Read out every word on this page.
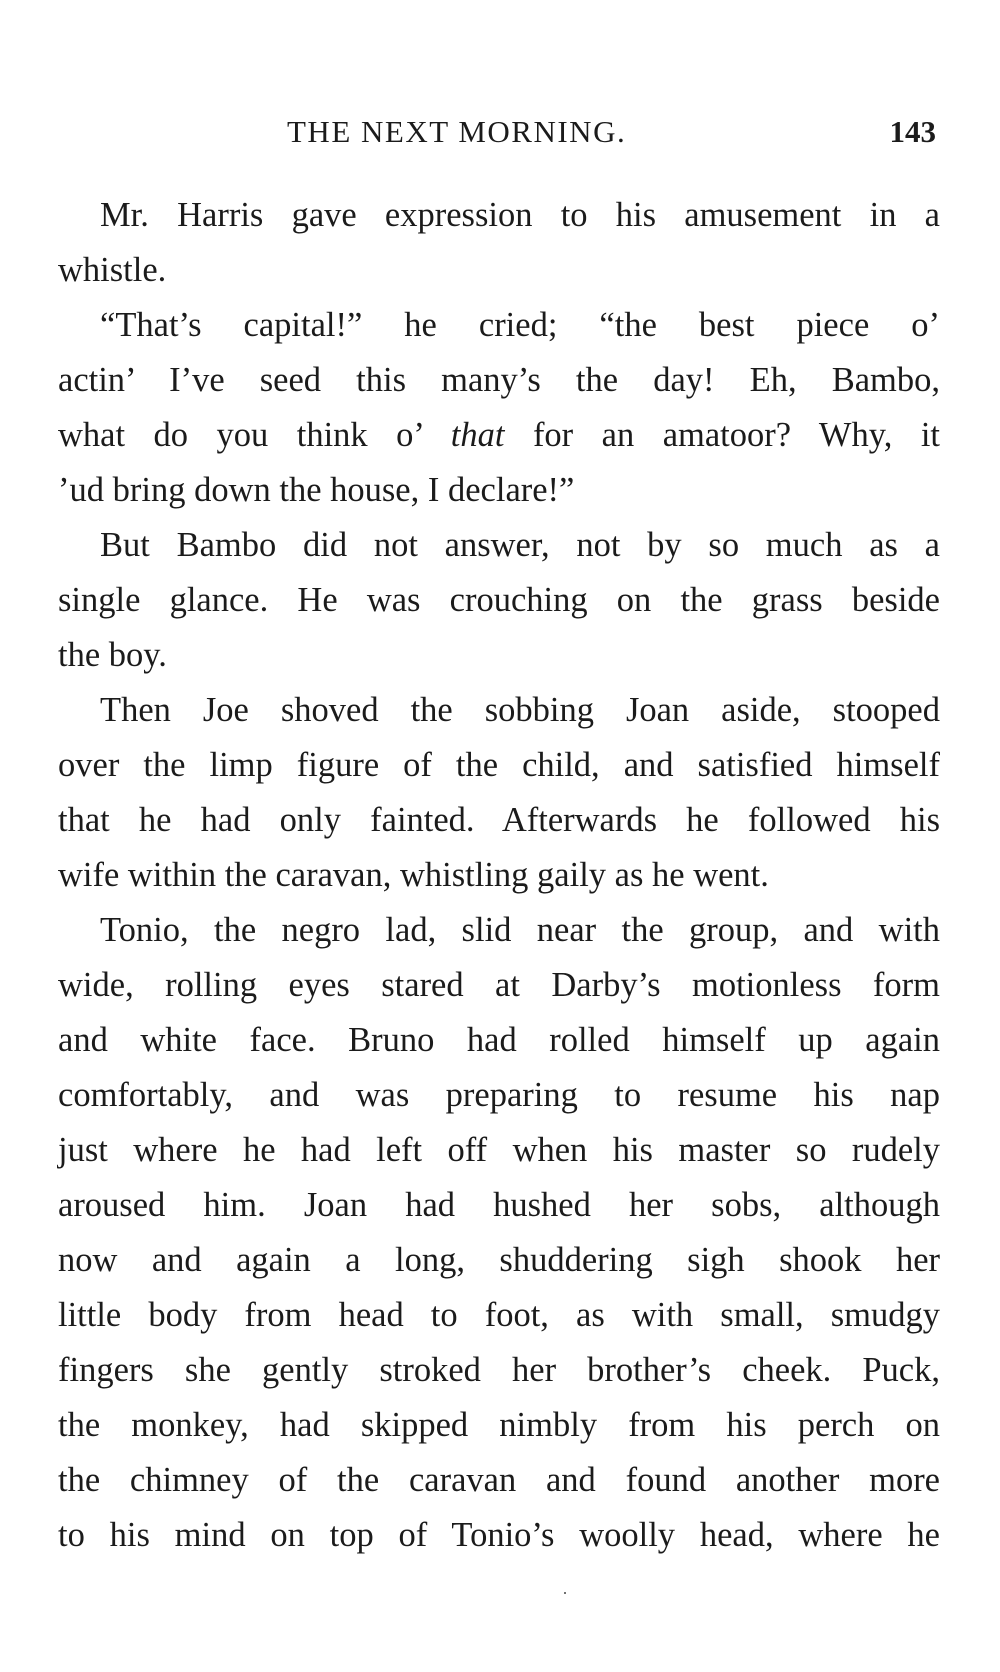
THE NEXT MORNING.	143
Mr. Harris gave expression to his amusement in a
whistle.
“That’s capital!” he cried; “the best piece o’
actin’ I’ve seed this many’s the day! Eh, Bambo,
what do you think o’ that for an amatoor? Why, it
’ud bring down the house, I declare!”
But Bambo did not answer, not by so much as a
single glance. He was crouching on the grass beside
the boy.
Then Joe shoved the sobbing Joan aside, stooped
over the limp figure of the child, and satisfied himself
that he had only fainted. Afterwards he followed his
wife within the caravan, whistling gaily as he went.
Tonio, the negro lad, slid near the group, and with
wide, rolling eyes stared at Darby’s motionless form
and white face. Bruno had rolled himself up again
comfortably, and was preparing to resume his nap
just where he had left off when his master so rudely
aroused him. Joan had hushed her sobs, although
now and again a long, shuddering sigh shook her
little body from head to foot, as with small, smudgy
fingers she gently stroked her brother’s cheek. Puck,
the monkey, had skipped nimbly from his perch on
the chimney of the caravan and found another more
to his mind on top of Tonio’s woolly head, where he
